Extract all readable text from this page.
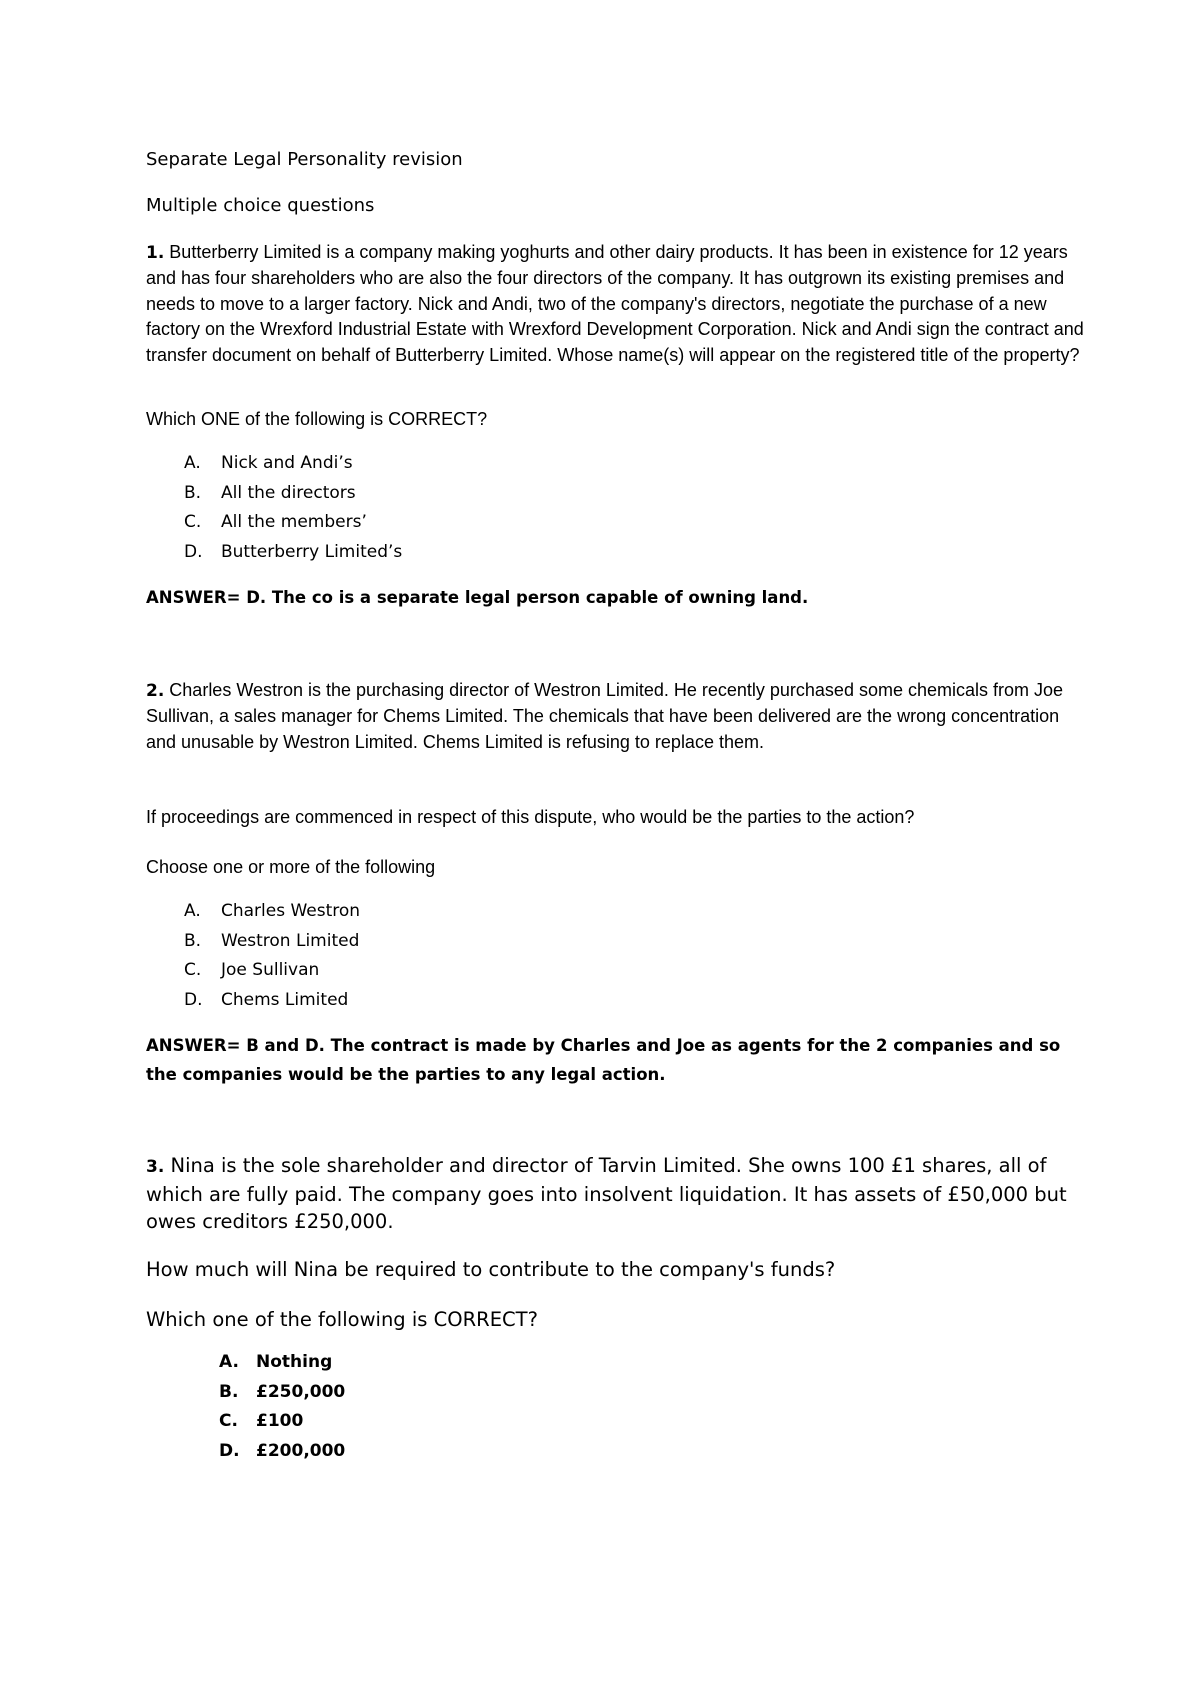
Separate Legal Personality revision
Multiple choice questions

1. Butterberry Limited is a company making yoghurts and other dairy products. It has been in existence for 12 years and has four shareholders who are also the four directors of the company. It has outgrown its existing premises and needs to move to a larger factory. Nick and Andi, two of the company's directors, negotiate the purchase of a new factory on the Wrexford Industrial Estate with Wrexford Development Corporation. Nick and Andi sign the contract and transfer document on behalf of Butterberry Limited. Whose name(s) will appear on the registered title of the property?

Which ONE of the following is CORRECT?

A. Nick and Andi’s
B. All the directors
C. All the members’
D. Butterberry Limited’s

ANSWER= D. The co is a separate legal person capable of owning land.

2. Charles Westron is the purchasing director of Westron Limited. He recently purchased some chemicals from Joe Sullivan, a sales manager for Chems Limited. The chemicals that have been delivered are the wrong concentration and unusable by Westron Limited. Chems Limited is refusing to replace them.

If proceedings are commenced in respect of this dispute, who would be the parties to the action?

Choose one or more of the following

A. Charles Westron
B. Westron Limited
C. Joe Sullivan
D. Chems Limited

ANSWER= B and D. The contract is made by Charles and Joe as agents for the 2 companies and so the companies would be the parties to any legal action.

3. Nina is the sole shareholder and director of Tarvin Limited. She owns 100 £1 shares, all of which are fully paid. The company goes into insolvent liquidation. It has assets of £50,000 but owes creditors £250,000.

How much will Nina be required to contribute to the company's funds?

Which one of the following is CORRECT?

A. Nothing
B. £250,000
C. £100
D. £200,000
